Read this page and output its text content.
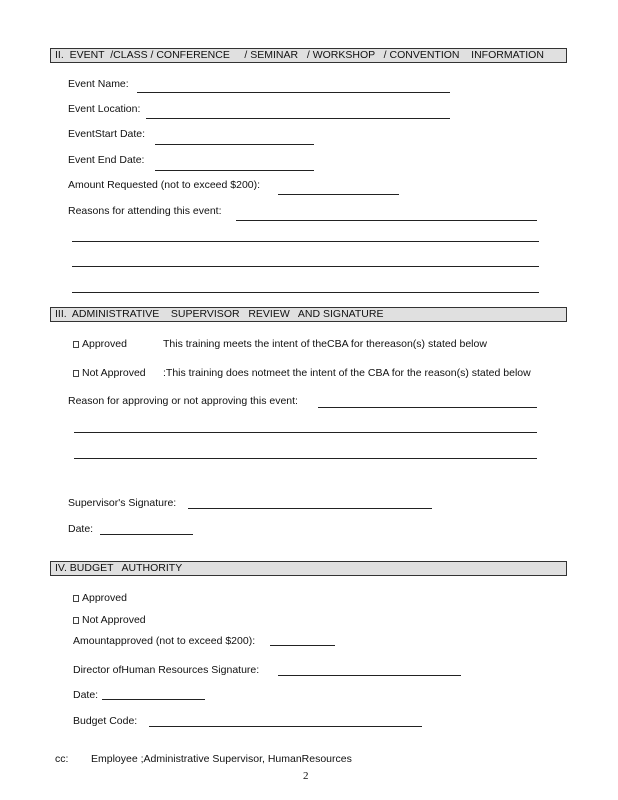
II.  EVENT  /CLASS / CONFERENCE     / SEMINAR   / WORKSHOP   / CONVENTION    INFORMATION
Event Name:
Event Location:
EventStart Date:
Event End Date:
Amount Requested (not to exceed $200):
Reasons for attending this event:
III.  ADMINISTRATIVE    SUPERVISOR   REVIEW   AND SIGNATURE
Approved	This training meets the intent of theCBA for thereason(s) stated below
Not Approved :This training does notmeet the intent of the CBA for the reason(s) stated below
Reason for approving or not approving this event:
Supervisor's Signature:
Date:
IV. BUDGET   AUTHORITY
Approved
Not Approved
Amountapproved (not to exceed $200):
Director ofHuman Resources Signature:
Date:
Budget Code:
cc: Employee ;Administrative Supervisor, HumanResources
2
